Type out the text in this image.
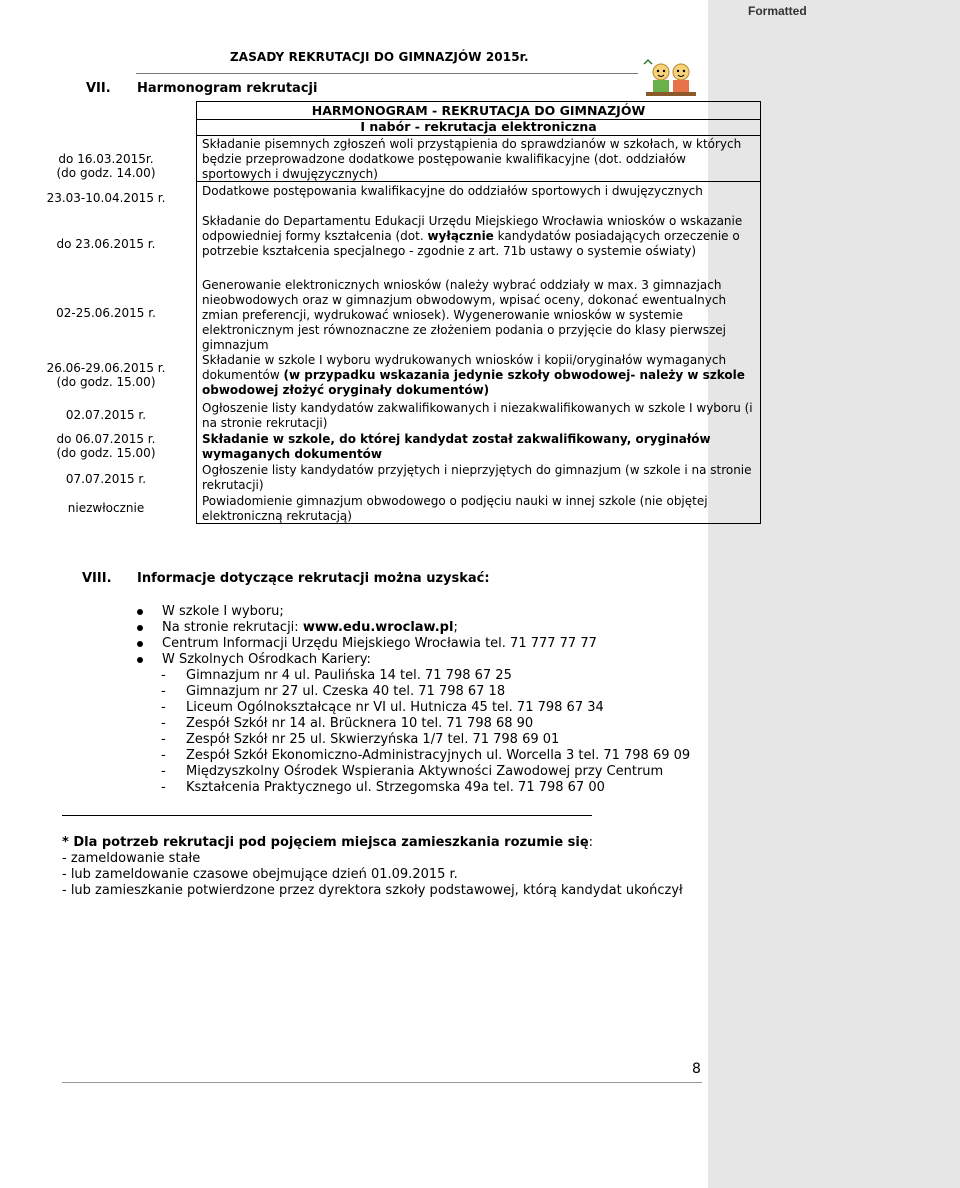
Formatted
ZASADY REKRUTACJI DO GIMNAZJÓW 2015r.
VII. Harmonogram rekrutacji
do 16.03.2015r.
(do godz. 14.00)
23.03-10.04.2015 r.
do 23.06.2015 r.
02-25.06.2015 r.
26.06-29.06.2015 r.
(do godz. 15.00)
02.07.2015 r.
do 06.07.2015 r.
(do godz. 15.00)
07.07.2015 r.
niezwłocznie
HARMONOGRAM - REKRUTACJA DO GIMNAZJÓW
I nabór - rekrutacja elektroniczna
Składanie pisemnych zgłoszeń woli przystąpienia do sprawdzianów w szkołach, w których będzie przeprowadzone dodatkowe postępowanie kwalifikacyjne (dot. oddziałów sportowych i dwujęzycznych)
Dodatkowe postępowania kwalifikacyjne do oddziałów sportowych i dwujęzycznych
Składanie do Departamentu Edukacji Urzędu Miejskiego Wrocławia wniosków o wskazanie odpowiedniej formy kształcenia (dot. wyłącznie kandydatów posiadających orzeczenie o potrzebie kształcenia specjalnego - zgodnie z art. 71b ustawy o systemie oświaty)
Generowanie elektronicznych wniosków (należy wybrać oddziały w max. 3 gimnazjach nieobwodowych oraz w gimnazjum obwodowym, wpisać oceny, dokonać ewentualnych zmian preferencji, wydrukować wniosek). Wygenerowanie wniosków w systemie elektronicznym jest równoznaczne ze złożeniem podania o przyjęcie do klasy pierwszej gimnazjum
Składanie w szkole I wyboru wydrukowanych wniosków i kopii/oryginałów wymaganych dokumentów (w przypadku wskazania jedynie szkoły obwodowej- należy w szkole obwodowej złożyć oryginały dokumentów)
Ogłoszenie listy kandydatów zakwalifikowanych i niezakwalifikowanych w szkole I wyboru (i na stronie rekrutacji)
Składanie w szkole, do której kandydat został zakwalifikowany, oryginałów wymaganych dokumentów
Ogłoszenie listy kandydatów przyjętych i nieprzyjętych do gimnazjum (w szkole i na stronie rekrutacji)
Powiadomienie gimnazjum obwodowego o podjęciu nauki w innej szkole (nie objętej elektroniczną rekrutacją)
VIII. Informacje dotyczące rekrutacji można uzyskać:
W szkole I wyboru;
Na stronie rekrutacji: www.edu.wroclaw.pl;
Centrum Informacji Urzędu Miejskiego Wrocławia tel. 71 777 77 77
W Szkolnych Ośrodkach Kariery:
- Gimnazjum nr 4 ul. Paulińska 14 tel. 71 798 67 25
- Gimnazjum nr 27 ul. Czeska 40 tel. 71 798 67 18
- Liceum Ogólnokształcące nr VI ul. Hutnicza 45 tel. 71 798 67 34
- Zespół Szkół nr 14 al. Brücknera 10 tel. 71 798 68 90
- Zespół Szkół nr 25 ul. Skwierzyńska 1/7 tel. 71 798 69 01
- Zespół Szkół Ekonomiczno-Administracyjnych ul. Worcella 3 tel. 71 798 69 09
- Międzyszkolny Ośrodek Wspierania Aktywności Zawodowej przy Centrum
- Kształcenia Praktycznego ul. Strzegomska 49a tel. 71 798 67 00
* Dla potrzeb rekrutacji pod pojęciem miejsca zamieszkania rozumie się:
- zameldowanie stałe
- lub zameldowanie czasowe obejmujące dzień 01.09.2015 r.
- lub zamieszkanie potwierdzone przez dyrektora szkoły podstawowej, którą kandydat ukończył
8
